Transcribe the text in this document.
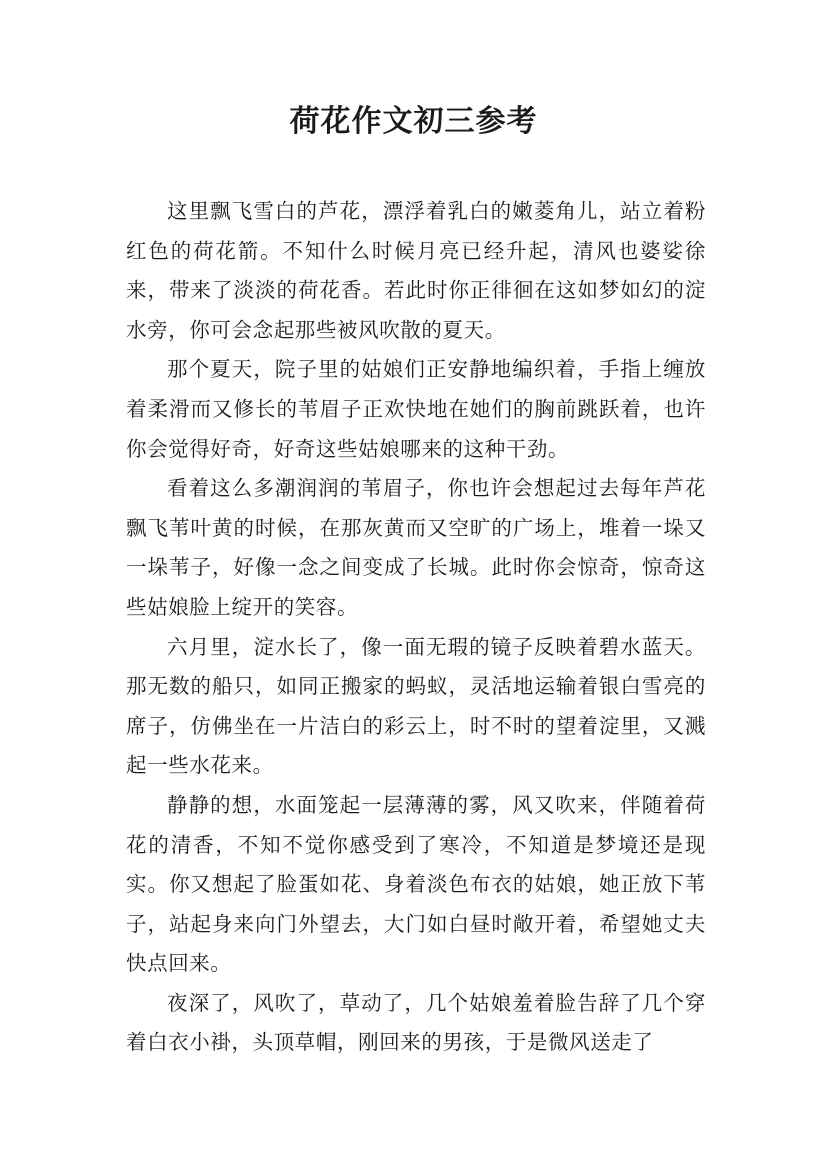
荷花作文初三参考

这里飘飞雪白的芦花，漂浮着乳白的嫩菱角儿，站立着粉红色的荷花箭。不知什么时候月亮已经升起，清风也婆娑徐来，带来了淡淡的荷花香。若此时你正徘徊在这如梦如幻的淀水旁，你可会念起那些被风吹散的夏天。

那个夏天，院子里的姑娘们正安静地编织着，手指上缠放着柔滑而又修长的苇眉子正欢快地在她们的胸前跳跃着，也许你会觉得好奇，好奇这些姑娘哪来的这种干劲。

看着这么多潮润润的苇眉子，你也许会想起过去每年芦花飘飞苇叶黄的时候，在那灰黄而又空旷的广场上，堆着一垛又一垛苇子，好像一念之间变成了长城。此时你会惊奇，惊奇这些姑娘脸上绽开的笑容。

六月里，淀水长了，像一面无瑕的镜子反映着碧水蓝天。那无数的船只，如同正搬家的蚂蚁，灵活地运输着银白雪亮的席子，仿佛坐在一片洁白的彩云上，时不时的望着淀里，又溅起一些水花来。

静静的想，水面笼起一层薄薄的雾，风又吹来，伴随着荷花的清香，不知不觉你感受到了寒冷，不知道是梦境还是现实。你又想起了脸蛋如花、身着淡色布衣的姑娘，她正放下苇子，站起身来向门外望去，大门如白昼时敞开着，希望她丈夫快点回来。

夜深了，风吹了，草动了，几个姑娘羞着脸告辞了几个穿着白衣小褂，头顶草帽，刚回来的男孩，于是微风送走了
